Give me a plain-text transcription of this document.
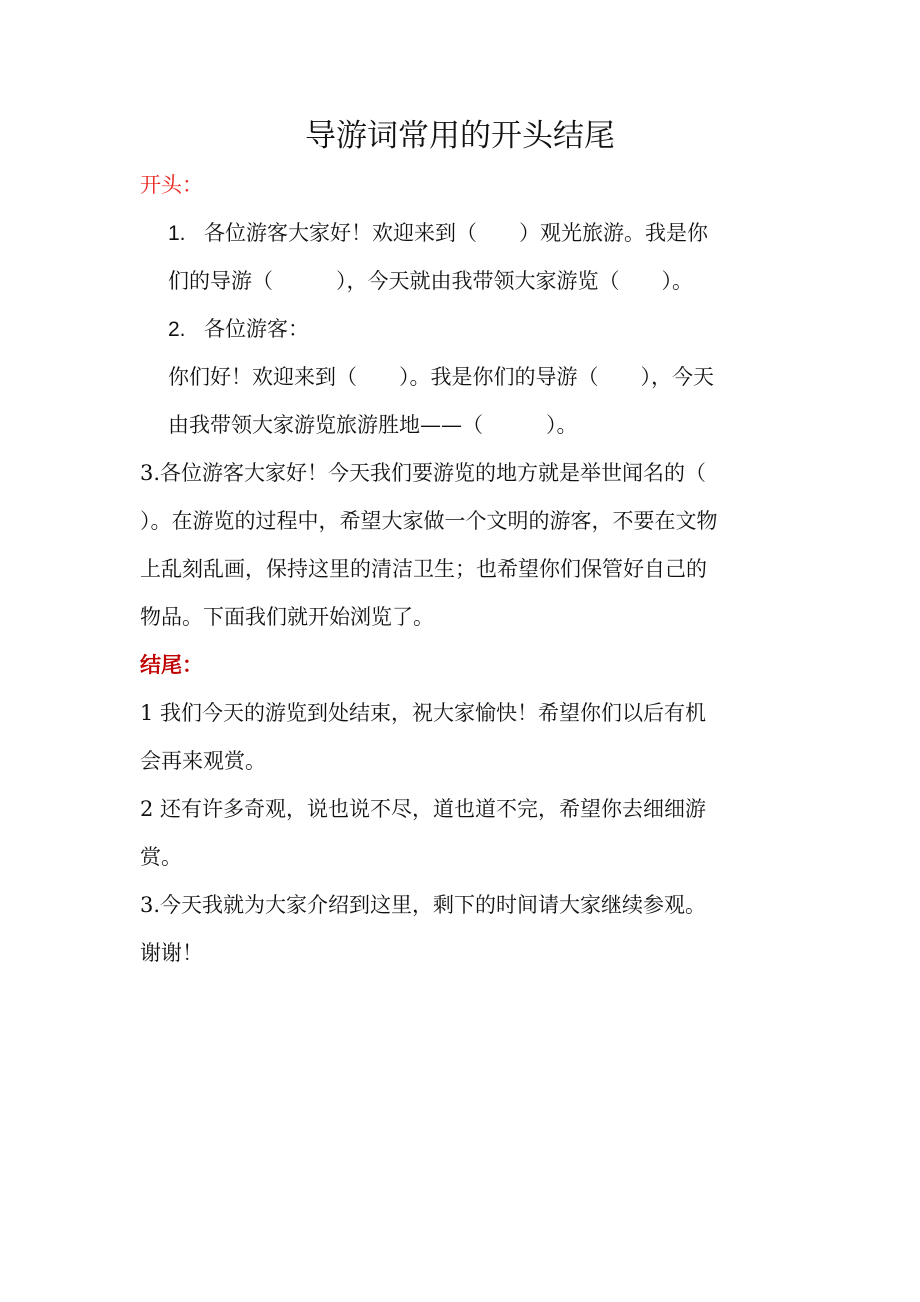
导游词常用的开头结尾
开头：
1. 各位游客大家好！欢迎来到（　　）观光旅游。我是你
们的导游（　　　），今天就由我带领大家游览（　　）。
2. 各位游客：
你们好！欢迎来到（　　）。我是你们的导游（　　），今天
由我带领大家游览旅游胜地——（　　　）。
3.各位游客大家好！今天我们要游览的地方就是举世闻名的（
）。在游览的过程中，希望大家做一个文明的游客，不要在文物
上乱刻乱画，保持这里的清洁卫生；也希望你们保管好自己的
物品。下面我们就开始浏览了。
结尾：
1 我们今天的游览到处结束，祝大家愉快！希望你们以后有机
会再来观赏。
2 还有许多奇观，说也说不尽，道也道不完，希望你去细细游
赏。
3.今天我就为大家介绍到这里，剩下的时间请大家继续参观。
谢谢！
